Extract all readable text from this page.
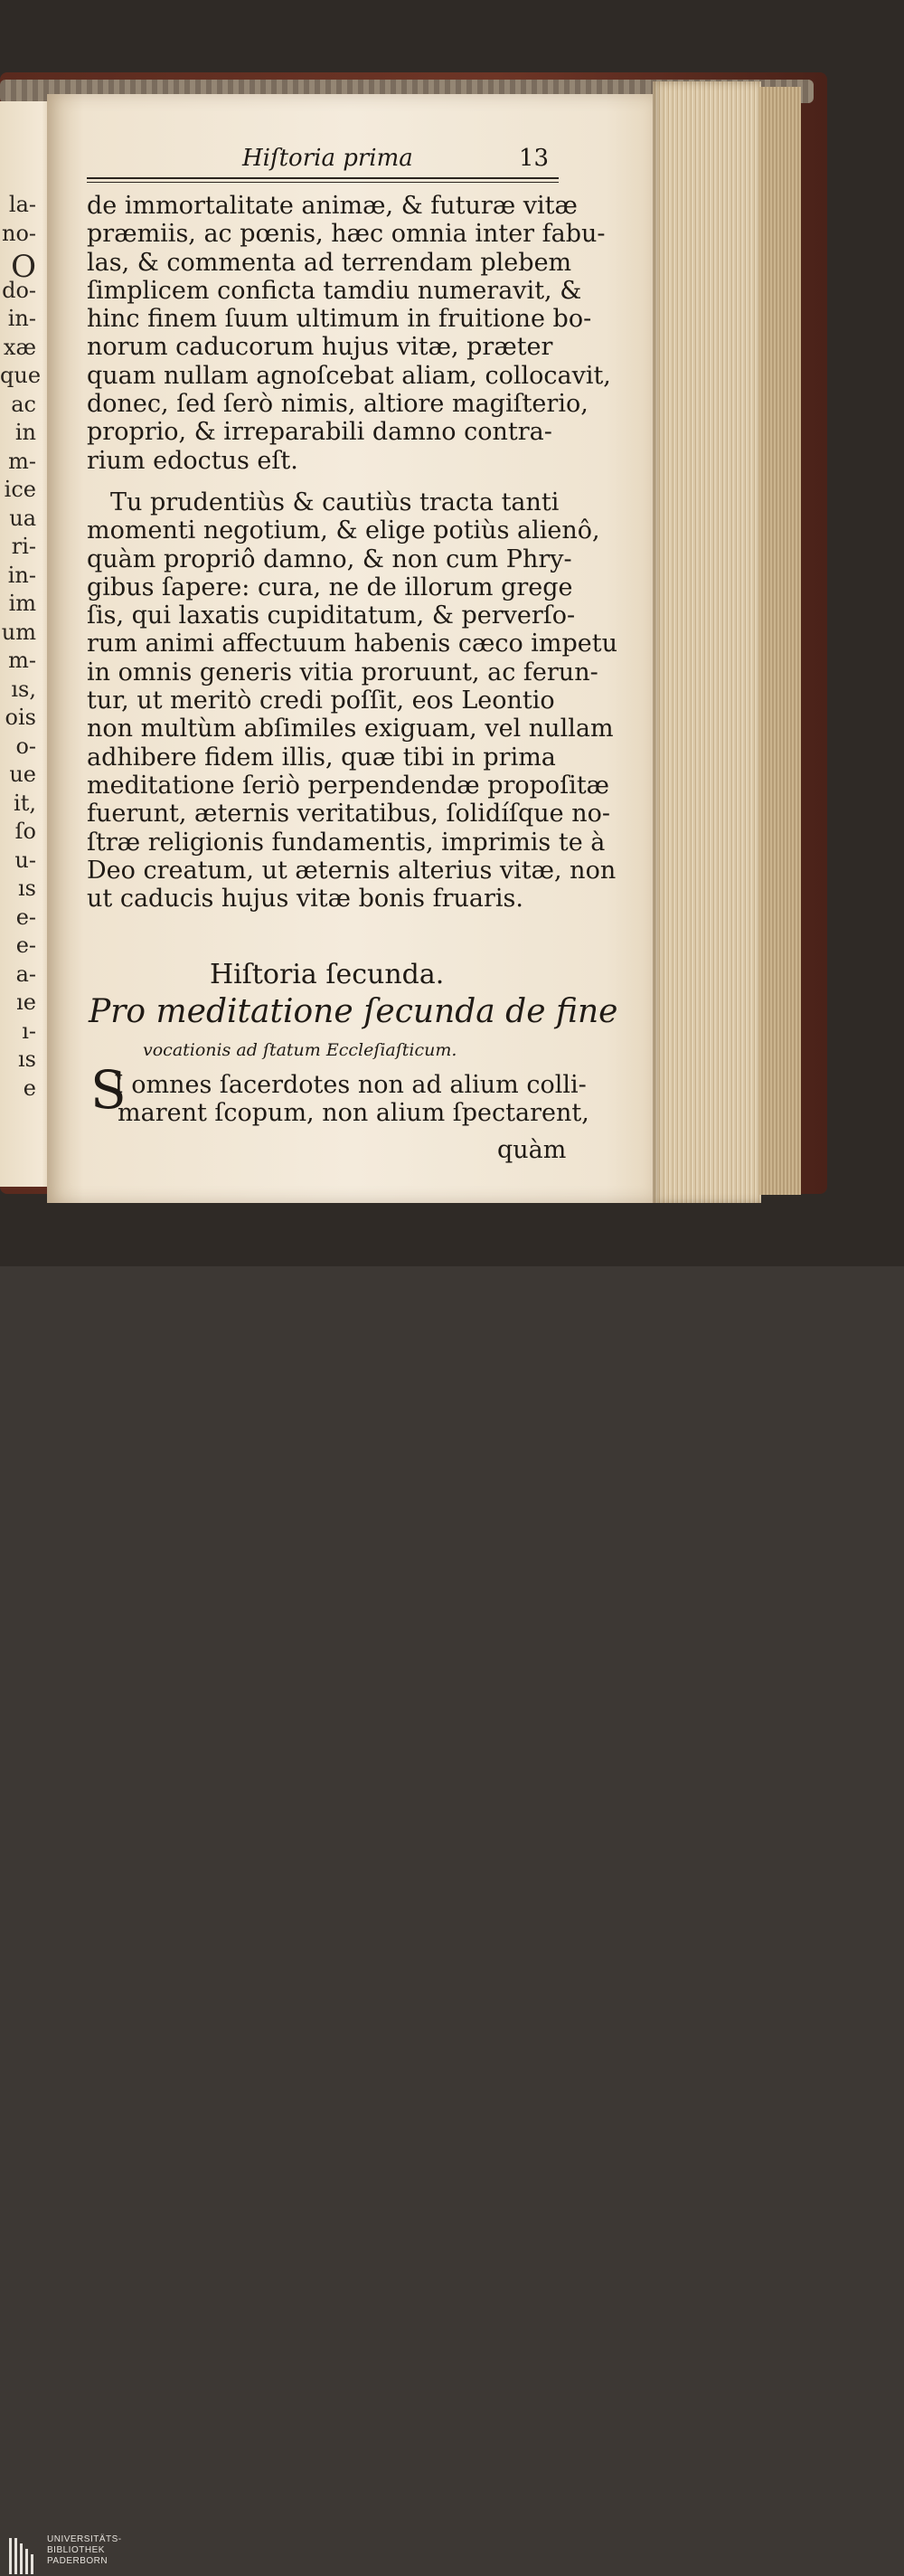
Hiſtoria prima	13
de immortalitate animæ, & futuræ vitæ
præmiis, ac pœnis, hæc omnia inter fabu-
las, & commenta ad terrendam plebem
ſimplicem conficta tamdiu numeravit, &
hinc finem ſuum ultimum in fruitione bo-
norum caducorum hujus vitæ, præter
quam nullam agnoſcebat aliam, collocavit,
donec, ſed ſerò nimis, altiore magiſterio,
proprio, & irreparabili damno contra-
rium edoctus eſt.
Tu prudentiùs & cautiùs tracta tanti
momenti negotium, & elige potiùs alienô,
quàm propriô damno, & non cum Phry-
gibus ſapere: cura, ne de illorum grege
ſis, qui laxatis cupiditatum, & perverſo-
rum animi affectuum habenis cæco impetu
in omnis generis vitia proruunt, ac ferun-
tur, ut meritò credi poſſit, eos Leontio
non multùm abſimiles exiguam, vel nullam
adhibere fidem illis, quæ tibi in prima
meditatione ſeriò perpendendæ propoſitæ
fuerunt, æternis veritatibus, ſolidíſque no-
ſtræ religionis fundamentis, imprimis te à
Deo creatum, ut æternis alterius vitæ, non
ut caducis hujus vitæ bonis fruaris.
Hiſtoria ſecunda.
Pro meditatione ſecunda de fine
vocationis ad ſtatum Eccleſiaſticum.
S
I omnes ſacerdotes non ad alium colli-
marent ſcopum, non alium ſpectarent,
quàm
la-
no-
O
do-
in-
xæ
que
ac
in
m-
ice
ua
ri-
in-
im
um
m-
ıs,
ois
o-
ue
it,
ſo
u-
ıs
e-
e-
a-
ıe
ı-
ıs
e
UNIVERSITÄTS-
BIBLIOTHEK
PADERBORN
